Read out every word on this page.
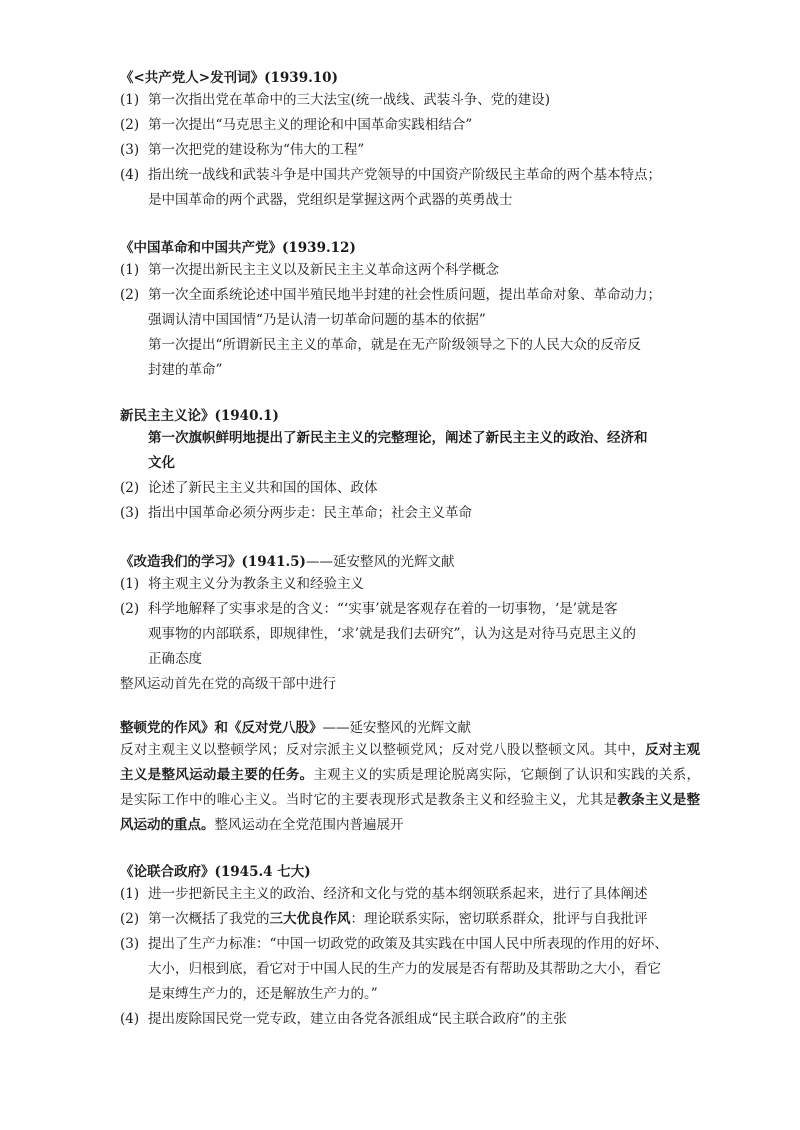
《<共产党人>发刊词》(1939.10)
(1) 第一次指出党在革命中的三大法宝(统一战线、武装斗争、党的建设)
(2) 第一次提出“马克思主义的理论和中国革命实践相结合”
(3) 第一次把党的建设称为“伟大的工程”
(4) 指出统一战线和武装斗争是中国共产党领导的中国资产阶级民主革命的两个基本特点；
是中国革命的两个武器，党组织是掌握这两个武器的英勇战士
《中国革命和中国共产党》(1939.12)
(1) 第一次提出新民主主义以及新民主主义革命这两个科学概念
(2) 第一次全面系统论述中国半殖民地半封建的社会性质问题，提出革命对象、革命动力；
强调认清中国国情“乃是认清一切革命问题的基本的依据”
第一次提出“所谓新民主主义的革命，就是在无产阶级领导之下的人民大众的反帝反
封建的革命”
新民主主义论》(1940.1)
第一次旗帜鲜明地提出了新民主主义的完整理论，阐述了新民主主义的政治、经济和
文化
(2) 论述了新民主主义共和国的国体、政体
(3) 指出中国革命必须分两步走：民主革命；社会主义革命
《改造我们的学习》(1941.5)——延安整风的光辉文献
(1) 将主观主义分为教条主义和经验主义
(2) 科学地解释了实事求是的含义：“‘实事’就是客观存在着的一切事物，‘是’就是客
观事物的内部联系，即规律性，‘求’就是我们去研究”，认为这是对待马克思主义的
正确态度
整风运动首先在党的高级干部中进行
整顿党的作风》和《反对党八股》——延安整风的光辉文献
反对主观主义以整顿学风；反对宗派主义以整顿党风；反对党八股以整顿文风。其中，反对主观主义是整风运动最主要的任务。主观主义的实质是理论脱离实际，它颠倒了认识和实践的关系，是实际工作中的唯心主义。当时它的主要表现形式是教条主义和经验主义，尤其是教条主义是整风运动的重点。整风运动在全党范围内普遍展开
《论联合政府》(1945.4 七大)
(1) 进一步把新民主主义的政治、经济和文化与党的基本纲领联系起来，进行了具体阐述
(2) 第一次概括了我党的三大优良作风：理论联系实际，密切联系群众，批评与自我批评
(3) 提出了生产力标准：“中国一切政党的政策及其实践在中国人民中所表现的作用的好坏、
大小，归根到底，看它对于中国人民的生产力的发展是否有帮助及其帮助之大小，看它
是束缚生产力的，还是解放生产力的。”
(4) 提出废除国民党一党专政，建立由各党各派组成“民主联合政府”的主张
